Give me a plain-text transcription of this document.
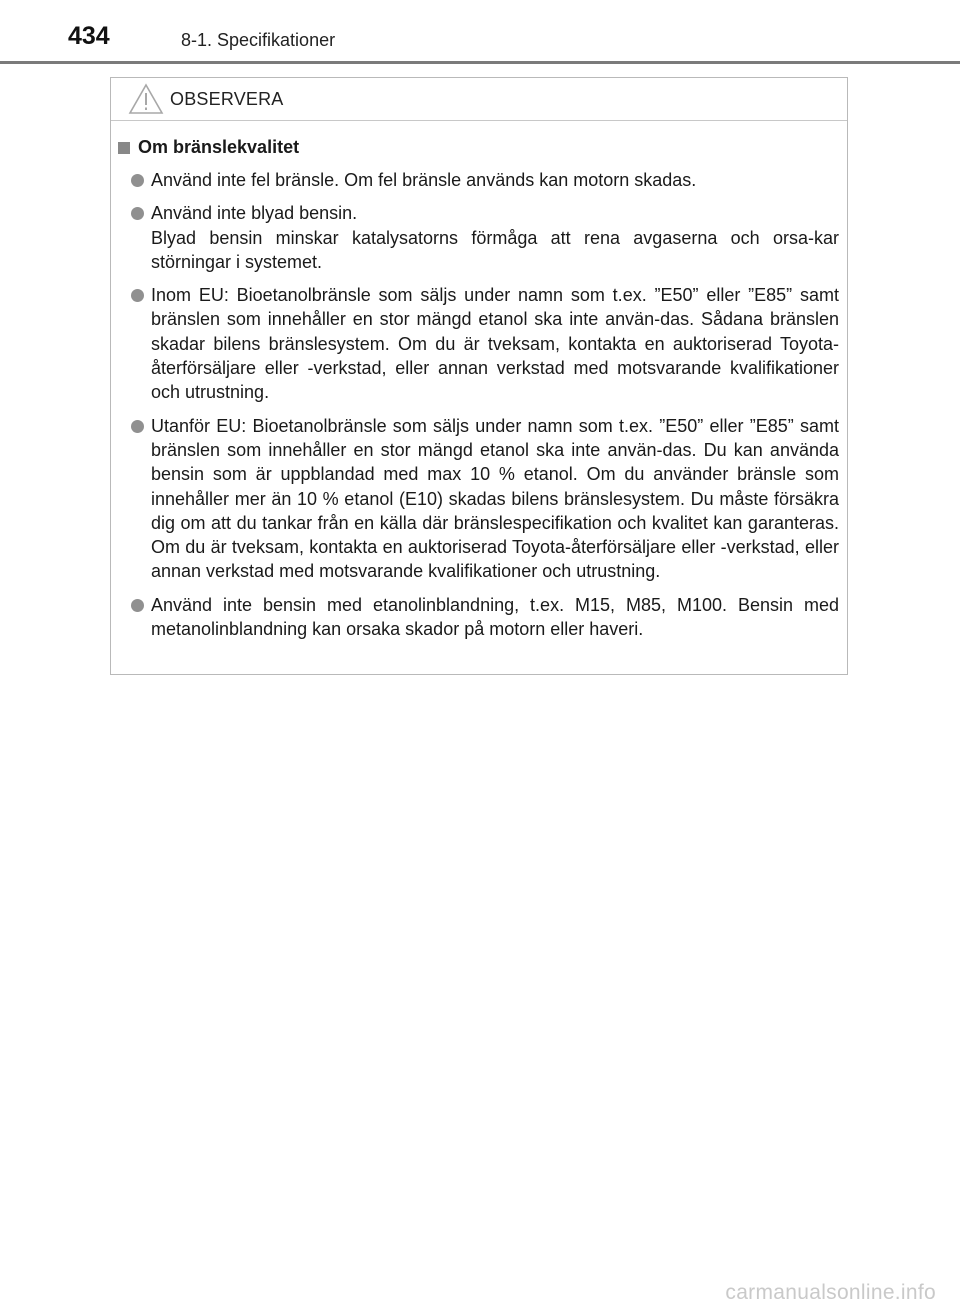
434	8-1. Specifikationer
OBSERVERA
Om bränslekvalitet
Använd inte fel bränsle. Om fel bränsle används kan motorn skadas.
Använd inte blyad bensin.
Blyad bensin minskar katalysatorns förmåga att rena avgaserna och orsa-kar störningar i systemet.
Inom EU: Bioetanolbränsle som säljs under namn som t.ex. ”E50” eller ”E85” samt bränslen som innehåller en stor mängd etanol ska inte använ-das. Sådana bränslen skadar bilens bränslesystem. Om du är tveksam, kontakta en auktoriserad Toyota-återförsäljare eller -verkstad, eller annan verkstad med motsvarande kvalifikationer och utrustning.
Utanför EU: Bioetanolbränsle som säljs under namn som t.ex. ”E50” eller ”E85” samt bränslen som innehåller en stor mängd etanol ska inte använ-das. Du kan använda bensin som är uppblandad med max 10 % etanol. Om du använder bränsle som innehåller mer än 10 % etanol (E10) skadas bilens bränslesystem. Du måste försäkra dig om att du tankar från en källa där bränslespecifikation och kvalitet kan garanteras. Om du är tveksam, kontakta en auktoriserad Toyota-återförsäljare eller -verkstad, eller annan verkstad med motsvarande kvalifikationer och utrustning.
Använd inte bensin med etanolinblandning, t.ex. M15, M85, M100. Bensin med metanolinblandning kan orsaka skador på motorn eller haveri.
carmanualsonline.info
